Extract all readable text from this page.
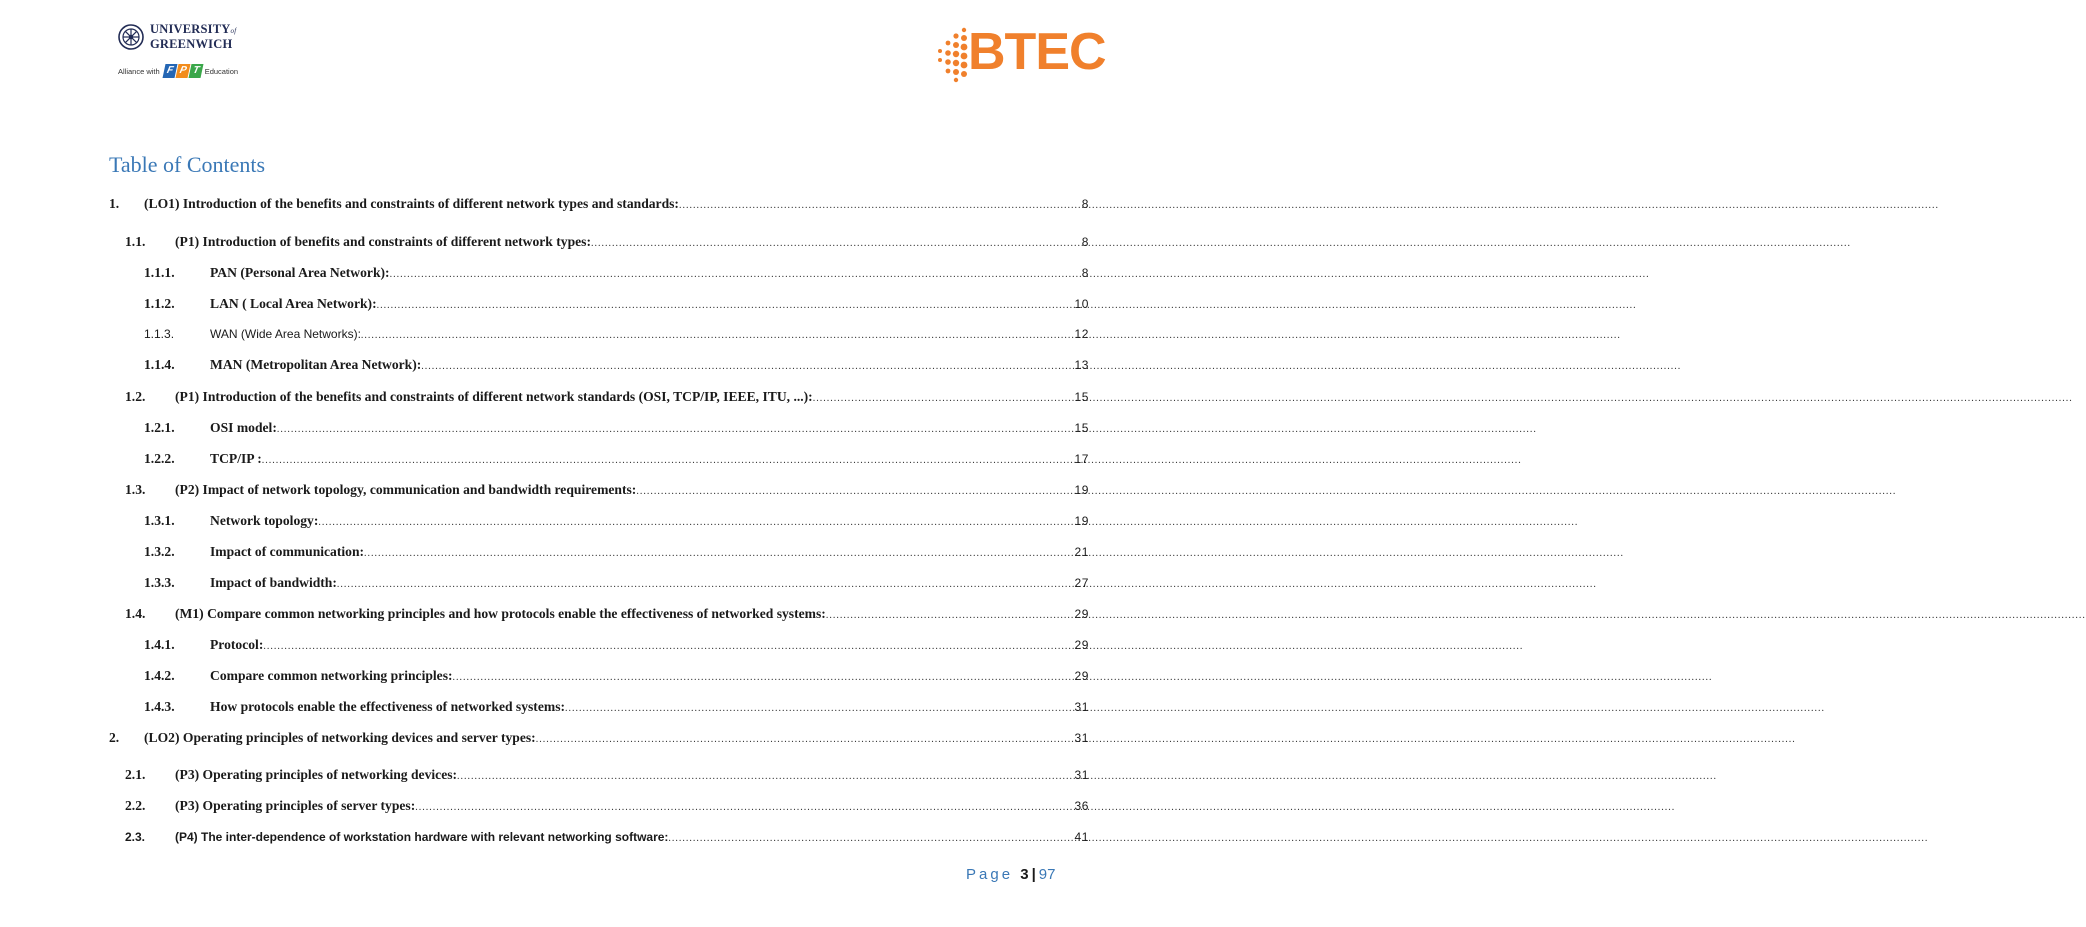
UNIVERSITYof
GREENWICH
Alliance with F P T Education	BTEC
Table of Contents
1.	(LO1) Introduction of the benefits and constraints of different network types and standards: .....	8
1.1.	(P1) Introduction of benefits and constraints of different network types: .....	8
1.1.1.	PAN (Personal Area Network): .....	8
1.1.2.	LAN ( Local Area Network): .....	10
1.1.3.	WAN (Wide Area Networks): .....	12
1.1.4.	MAN (Metropolitan Area Network): .....	13
1.2.	(P1) Introduction of the benefits and constraints of different network standards (OSI, TCP/IP, IEEE, ITU, ...): .....	15
1.2.1.	OSI model: .....	15
1.2.2.	TCP/IP : .....	17
1.3.	(P2) Impact of network topology, communication and bandwidth requirements: .....	19
1.3.1.	Network topology: .....	19
1.3.2.	Impact of communication: .....	21
1.3.3.	Impact of bandwidth: .....	27
1.4.	(M1) Compare common networking principles and how protocols enable the effectiveness of networked systems: .....	29
1.4.1.	Protocol: .....	29
1.4.2.	Compare common networking principles: .....	29
1.4.3.	How protocols enable the effectiveness of networked systems: .....	31
2.	(LO2) Operating principles of networking devices and server types: .....	31
2.1.	(P3) Operating principles of networking devices: .....	31
2.2.	(P3) Operating principles of server types: .....	36
2.3.	(P4) The inter-dependence of workstation hardware with relevant networking software: .....	41
Page 3 | 97
